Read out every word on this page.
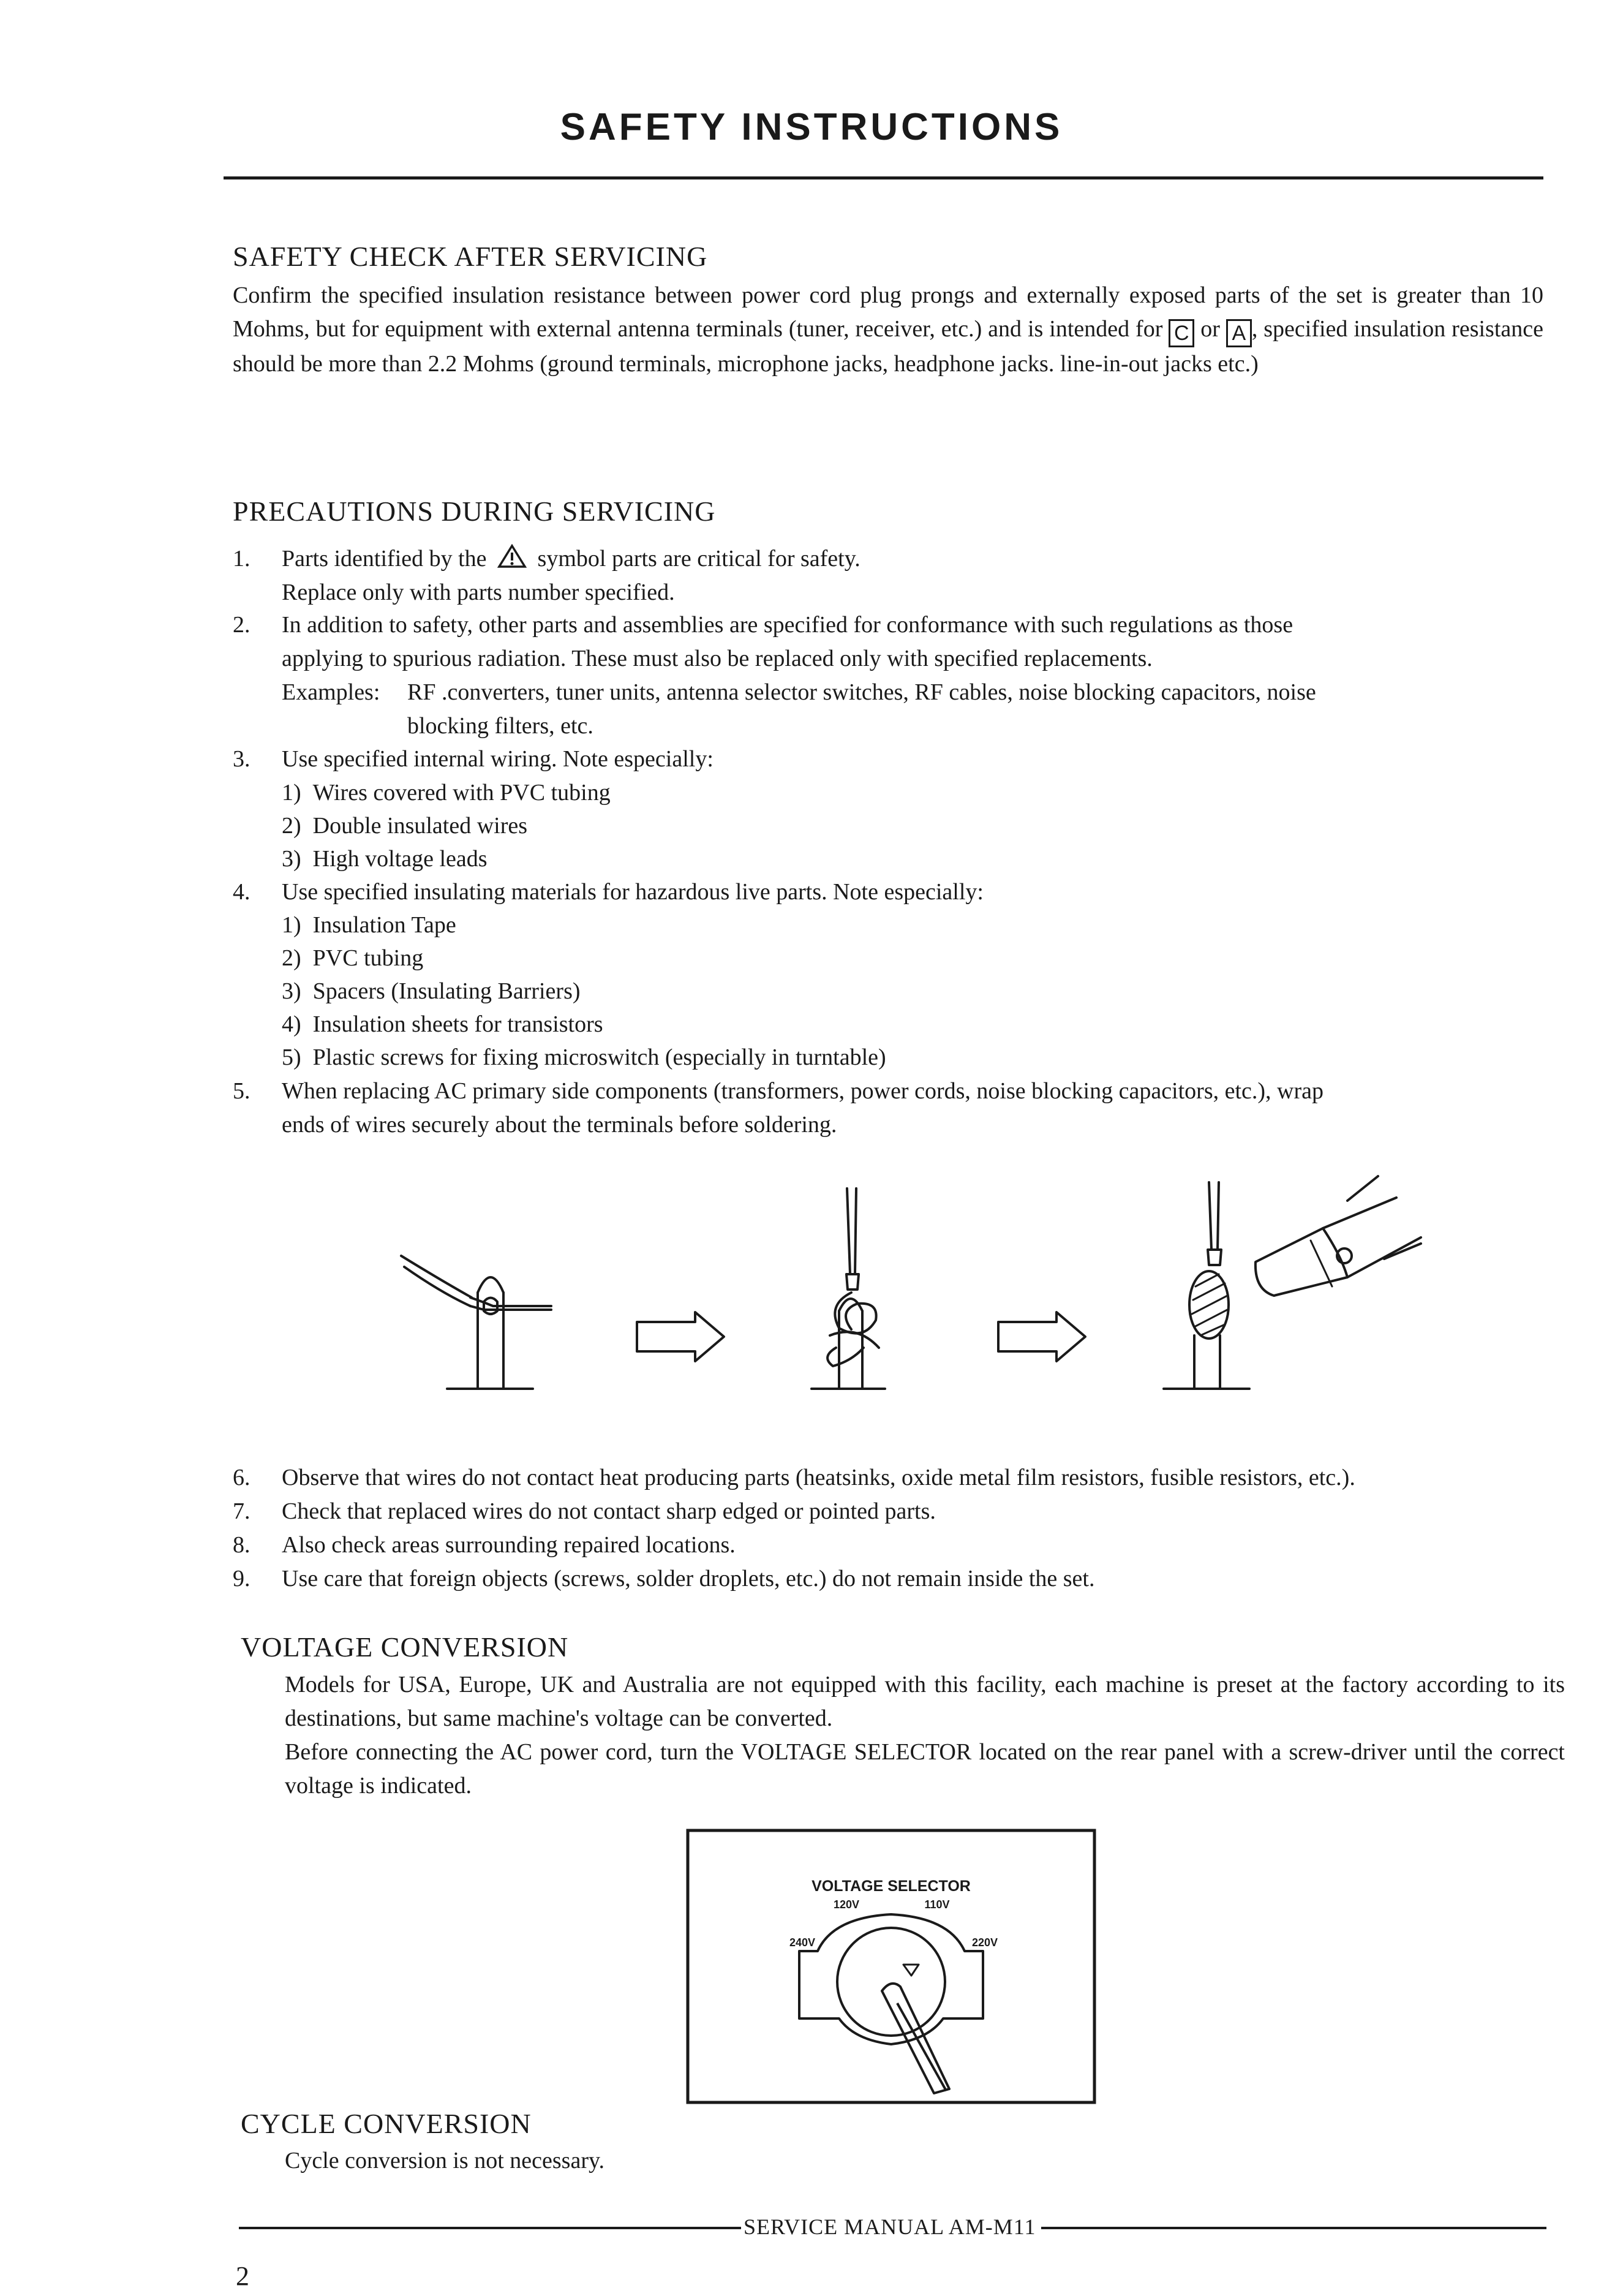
SAFETY INSTRUCTIONS
SAFETY CHECK AFTER SERVICING
Confirm the specified insulation resistance between power cord plug prongs and externally exposed parts of the set is greater than 10 Mohms, but for equipment with external antenna terminals (tuner, receiver, etc.) and is intended for C or A , specified insulation resistance should be more than 2.2 Mohms (ground terminals, microphone jacks, headphone jacks. line-in-out jacks etc.)
PRECAUTIONS DURING SERVICING
1. Parts identified by the symbol parts are critical for safety.
Replace only with parts number specified.
2. In addition to safety, other parts and assemblies are specified for conformance with such regulations as those
applying to spurious radiation. These must also be replaced only with specified replacements.
Examples: RF .converters, tuner units, antenna selector switches, RF cables, noise blocking capacitors, noise
blocking filters, etc.
3. Use specified internal wiring. Note especially:
1) Wires covered with PVC tubing
2) Double insulated wires
3) High voltage leads
4. Use specified insulating materials for hazardous live parts. Note especially:
1) Insulation Tape
2) PVC tubing
3) Spacers (Insulating Barriers)
4) Insulation sheets for transistors
5) Plastic screws for fixing microswitch (especially in turntable)
5. When replacing AC primary side components (transformers, power cords, noise blocking capacitors, etc.), wrap
ends of wires securely about the terminals before soldering.
6. Observe that wires do not contact heat producing parts (heatsinks, oxide metal film resistors, fusible resistors, etc.).
7. Check that replaced wires do not contact sharp edged or pointed parts.
8. Also check areas surrounding repaired locations.
9. Use care that foreign objects (screws, solder droplets, etc.) do not remain inside the set.
VOLTAGE CONVERSION
Models for USA, Europe, UK and Australia are not equipped with this facility, each machine is preset at the factory according to its destinations, but same machine's voltage can be converted.
Before connecting the AC power cord, turn the VOLTAGE SELECTOR located on the rear panel with a screw-driver until the correct voltage is indicated.
VOLTAGE SELECTOR
120V	110V
240V	220V
CYCLE CONVERSION
Cycle conversion is not necessary.
SERVICE MANUAL AM-M11
2
